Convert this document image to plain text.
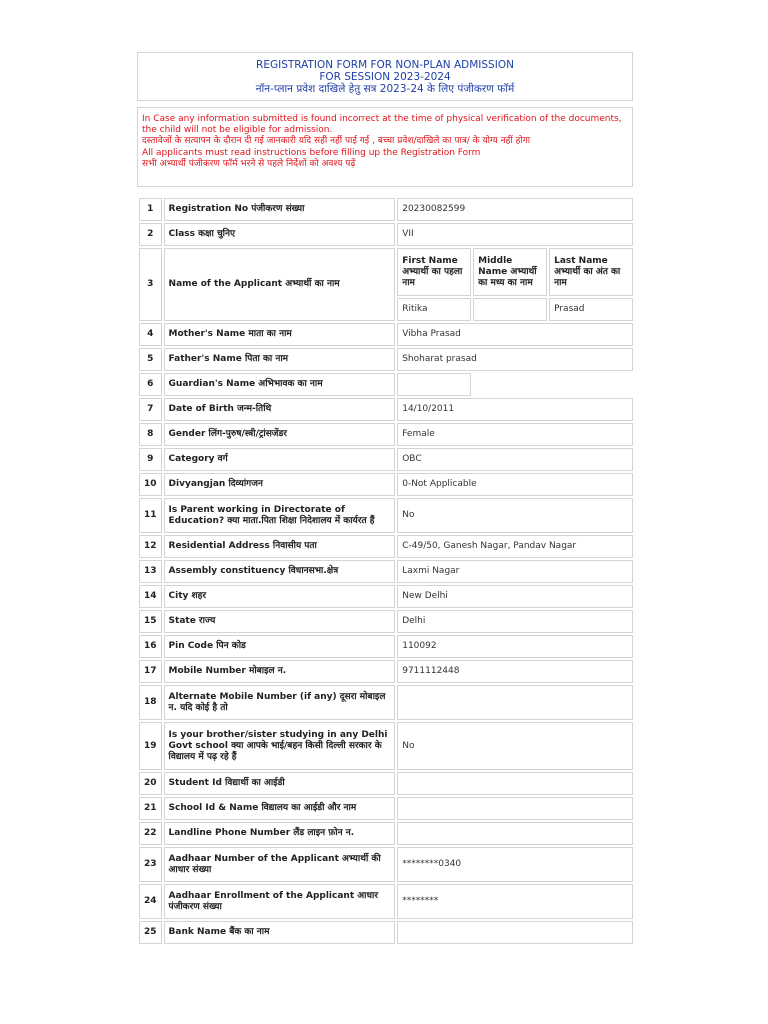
REGISTRATION FORM FOR NON-PLAN ADMISSION
FOR SESSION 2023-2024
नॉन-प्लान प्रवेश दाखिले हेतु सत्र 2023-24 के लिए पंजीकरण फॉर्म
In Case any information submitted is found incorrect at the time of physical verification of the documents,
the child will not be eligible for admission.
दस्तावेजों के सत्यापन के दौरान दी गई जानकारी यदि सही नहीं पाई गई , बच्चा प्रवेश/दाखिले का पात्र/ के योग्य नहीं होगा
All applicants must read instructions before filling up the Registration Form
सभी अभ्यार्थी पंजीकरण फॉर्म भरने से पहले निर्देशों को अवश्य पढ़ें
1	Registration No पंजीकरण संख्या	20230082599		
2	Class कक्षा चुनिए	VII		
3	Name of the Applicant अभ्यार्थी का नाम	First Name अभ्यार्थी का पहला नाम	Middle Name अभ्यार्थी का मध्य का नाम	Last Name अभ्यार्थी का अंत का नाम
		Ritika		Prasad
4	Mother's Name माता का नाम	Vibha Prasad		
5	Father's Name पिता का नाम	Shoharat prasad		
6	Guardian's Name अभिभावक का नाम			
7	Date of Birth जन्म-तिथि	14/10/2011		
8	Gender लिंग-पुरुष/स्त्री/ट्रांसजेंडर	Female		
9	Category वर्ग	OBC		
10	Divyangjan दिव्यांगजन	0-Not Applicable		
11	Is Parent working in Directorate of Education? क्या माता.पिता शिक्षा निदेशालय में कार्यरत हैं	No		
12	Residential Address निवासीय पता	C-49/50, Ganesh Nagar, Pandav Nagar		
13	Assembly constituency विधानसभा.क्षेत्र	Laxmi Nagar		
14	City शहर	New Delhi		
15	State राज्य	Delhi		
16	Pin Code पिन कोड	110092		
17	Mobile Number मोबाइल न.	9711112448		
18	Alternate Mobile Number (if any) दूसरा मोबाइल न. यदि कोई है तो			
19	Is your brother/sister studying in any Delhi Govt school क्या आपके भाई/बहन किसी दिल्ली सरकार के विद्यालय में पढ़ रहे हैं	No		
20	Student Id विद्यार्थी का आईडी			
21	School Id & Name विद्यालय का आईडी और नाम			
22	Landline Phone Number लैंड लाइन फ़ोन न.			
23	Aadhaar Number of the Applicant अभ्यार्थी की आधार संख्या	********0340		
24	Aadhaar Enrollment of the Applicant आधार पंजीकरण संख्या	********		
25	Bank Name बैंक का नाम			
